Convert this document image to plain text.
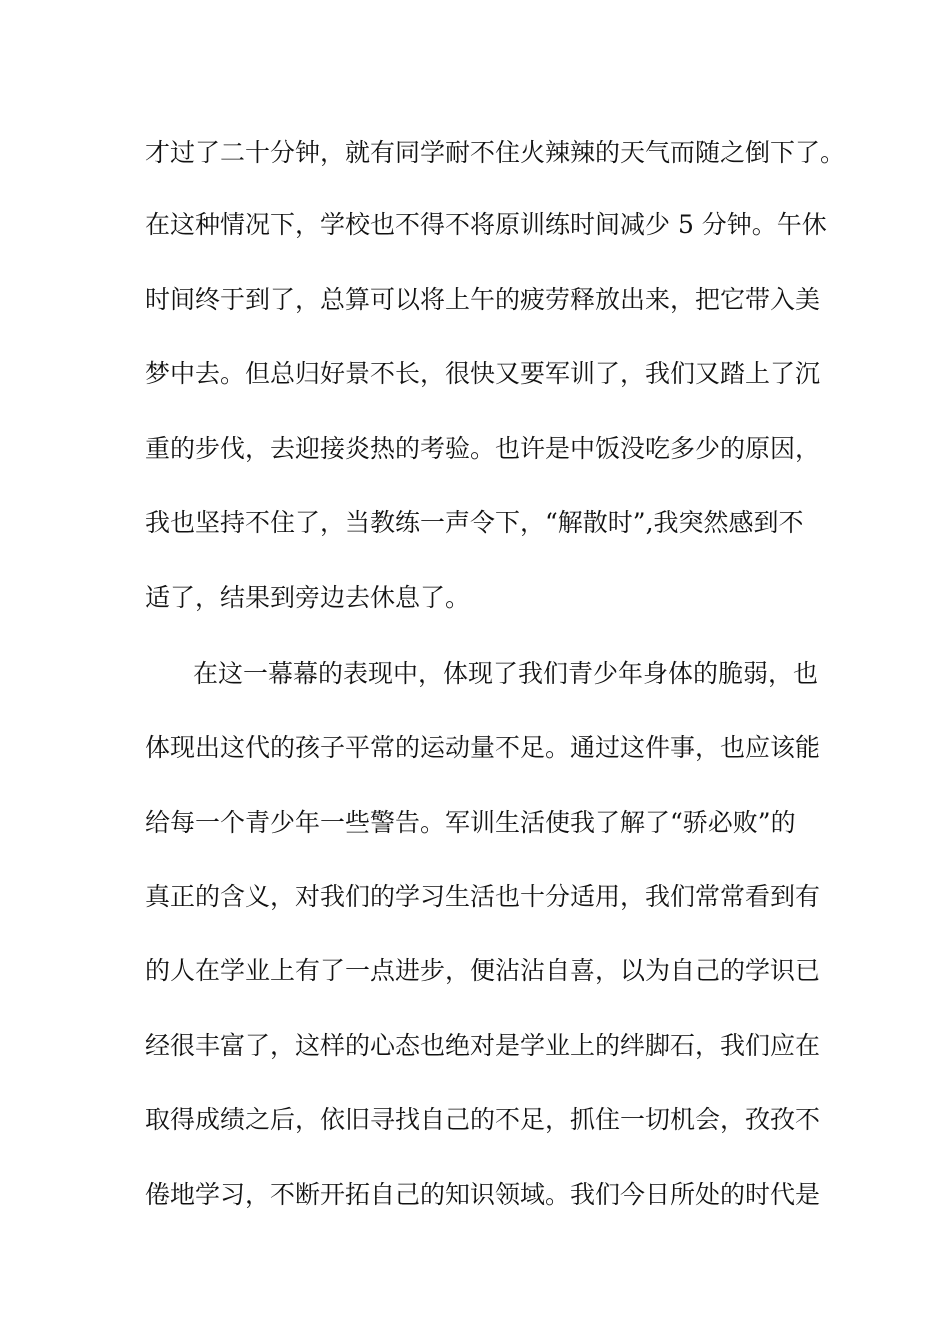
才过了二十分钟，就有同学耐不住火辣辣的天气而随之倒下了。
在这种情况下，学校也不得不将原训练时间减少 5 分钟。午休
时间终于到了，总算可以将上午的疲劳释放出来，把它带入美
梦中去。但总归好景不长，很快又要军训了，我们又踏上了沉
重的步伐，去迎接炎热的考验。也许是中饭没吃多少的原因，
我也坚持不住了，当教练一声令下，“解散时”,我突然感到不
适了，结果到旁边去休息了。
在这一幕幕的表现中，体现了我们青少年身体的脆弱，也
体现出这代的孩子平常的运动量不足。通过这件事，也应该能
给每一个青少年一些警告。军训生活使我了解了“骄必败”的
真正的含义，对我们的学习生活也十分适用，我们常常看到有
的人在学业上有了一点进步，便沾沾自喜，以为自己的学识已
经很丰富了，这样的心态也绝对是学业上的绊脚石，我们应在
取得成绩之后，依旧寻找自己的不足，抓住一切机会，孜孜不
倦地学习，不断开拓自己的知识领域。我们今日所处的时代是
